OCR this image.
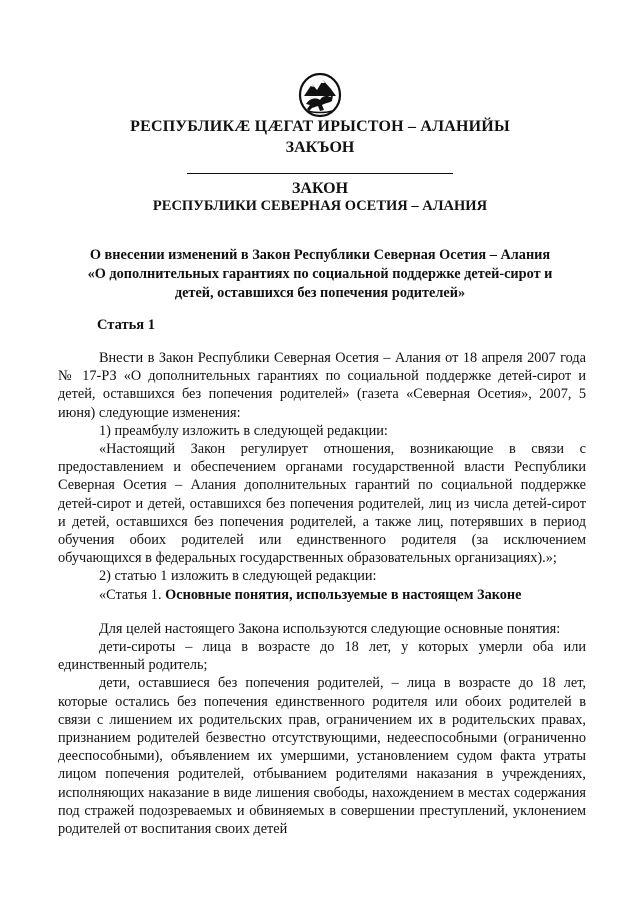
РЕСПУБЛИКӔ ЦӔГАТ ИРЫСТОН – АЛАНИЙЫ
ЗАКЪОН
ЗАКОН
РЕСПУБЛИКИ СЕВЕРНАЯ ОСЕТИЯ – АЛАНИЯ
О внесении изменений в Закон Республики Северная Осетия – Алания
«О дополнительных гарантиях по социальной поддержке детей-сирот и
детей, оставшихся без попечения родителей»
Статья 1

Внести в Закон Республики Северная Осетия – Алания от 18 апреля 2007 года № 17-РЗ «О дополнительных гарантиях по социальной поддержке детей-сирот и детей, оставшихся без попечения родителей» (газета «Северная Осетия», 2007, 5 июня) следующие изменения:

1) преамбулу изложить в следующей редакции:

«Настоящий Закон регулирует отношения, возникающие в связи с предоставлением и обеспечением органами государственной власти Республики Северная Осетия – Алания дополнительных гарантий по социальной поддержке детей-сирот и детей, оставшихся без попечения родителей, лиц из числа детей-сирот и детей, оставшихся без попечения родителей, а также лиц, потерявших в период обучения обоих родителей или единственного родителя (за исключением обучающихся в федеральных государственных образовательных организациях).»;

2) статью 1 изложить в следующей редакции:

«Статья 1. Основные понятия, используемые в настоящем Законе

Для целей настоящего Закона используются следующие основные понятия:

дети-сироты – лица в возрасте до 18 лет, у которых умерли оба или единственный родитель;

дети, оставшиеся без попечения родителей, – лица в возрасте до 18 лет, которые остались без попечения единственного родителя или обоих родителей в связи с лишением их родительских прав, ограничением их в родительских правах, признанием родителей безвестно отсутствующими, недееспособными (ограниченно дееспособными), объявлением их умершими, установлением судом факта утраты лицом попечения родителей, отбыванием родителями наказания в учреждениях, исполняющих наказание в виде лишения свободы, нахождением в местах содержания под стражей подозреваемых и обвиняемых в совершении преступлений, уклонением родителей от воспитания своих детей
